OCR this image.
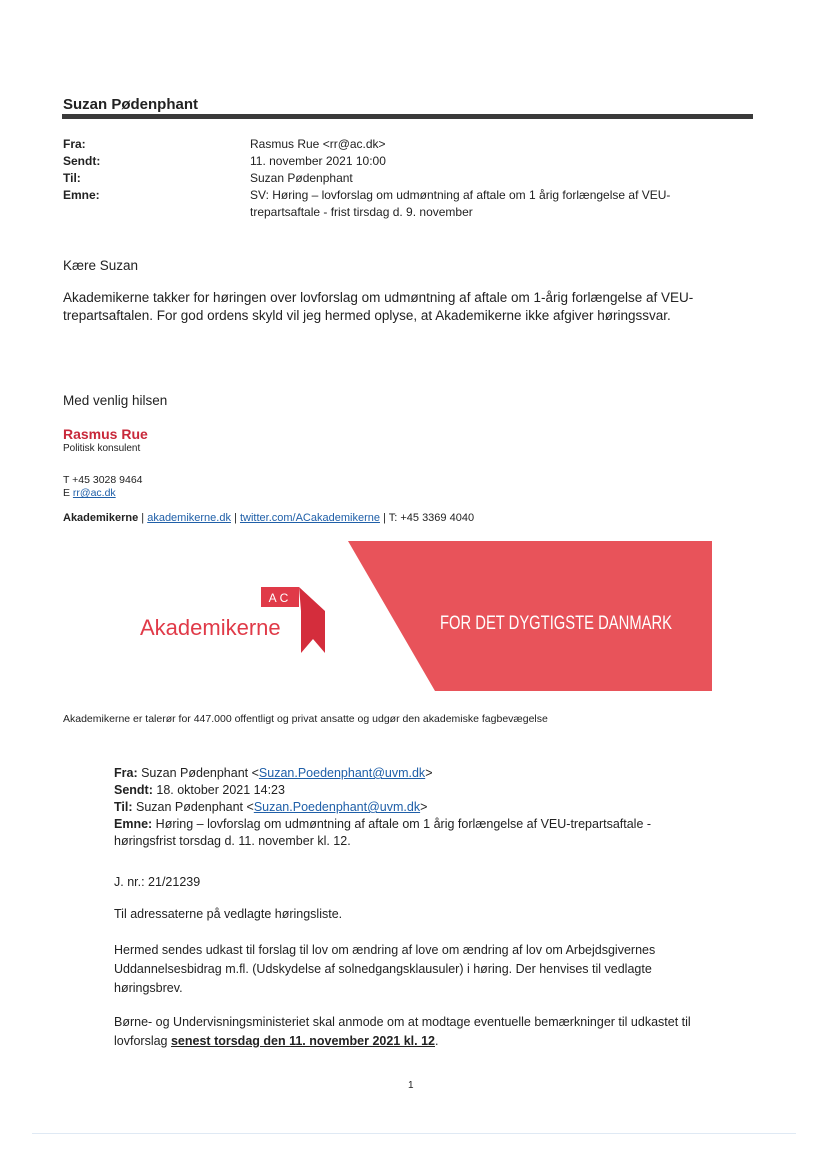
Suzan Pødenphant
Fra:	Rasmus Rue <rr@ac.dk>
Sendt:	11. november 2021 10:00
Til:	Suzan Pødenphant
Emne:	SV: Høring – lovforslag om udmøntning af aftale om 1 årig forlængelse af VEU-trepartsaftale - frist tirsdag d. 9. november
Kære Suzan
Akademikerne takker for høringen over lovforslag om udmøntning af aftale om 1-årig forlængelse af VEU-trepartsaftalen. For god ordens skyld vil jeg hermed oplyse, at Akademikerne ikke afgiver høringssvar.
Med venlig hilsen
Rasmus Rue
Politisk konsulent
T +45 3028 9464
E rr@ac.dk
Akademikerne | akademikerne.dk | twitter.com/ACakademikerne | T: +45 3369 4040
AC
Akademikerne	FOR DET DYGTIGSTE DANMARK
Akademikerne er talerør for 447.000 offentligt og privat ansatte og udgør den akademiske fagbevægelse
Fra: Suzan Pødenphant <Suzan.Poedenphant@uvm.dk>
Sendt: 18. oktober 2021 14:23
Til: Suzan Pødenphant <Suzan.Poedenphant@uvm.dk>
Emne: Høring – lovforslag om udmøntning af aftale om 1 årig forlængelse af VEU-trepartsaftale - høringsfrist torsdag d. 11. november kl. 12.
J. nr.: 21/21239
Til adressaterne på vedlagte høringsliste.
Hermed sendes udkast til forslag til lov om ændring af love om ændring af lov om Arbejdsgivernes Uddannelsesbidrag m.fl. (Udskydelse af solnedgangsklausuler) i høring. Der henvises til vedlagte høringsbrev.
Børne- og Undervisningsministeriet skal anmode om at modtage eventuelle bemærkninger til udkastet til lovforslag senest torsdag den 11. november 2021 kl. 12.
1
